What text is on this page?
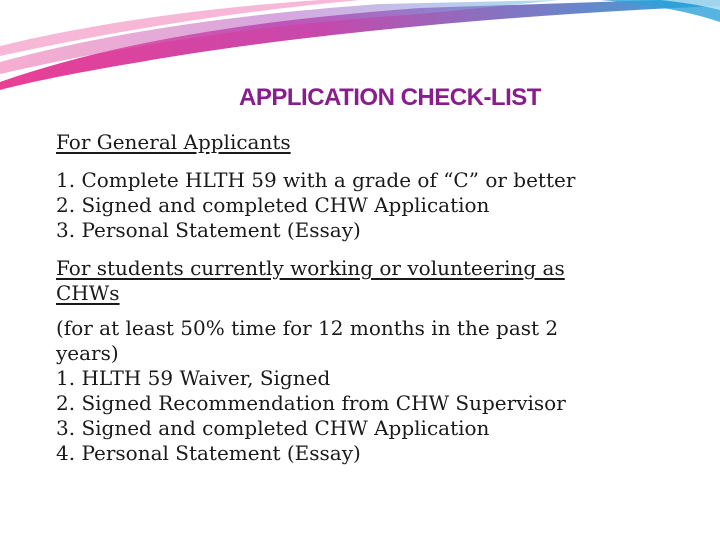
APPLICATION CHECK-LIST

For General Applicants

1. Complete HLTH 59 with a grade of “C” or better
2. Signed and completed CHW Application
3. Personal Statement (Essay)

For students currently working or volunteering as CHWs

(for at least 50% time for 12 months in the past 2 years)

1. HLTH 59 Waiver, Signed
2. Signed Recommendation from CHW Supervisor
3. Signed and completed CHW Application
4. Personal Statement (Essay)
